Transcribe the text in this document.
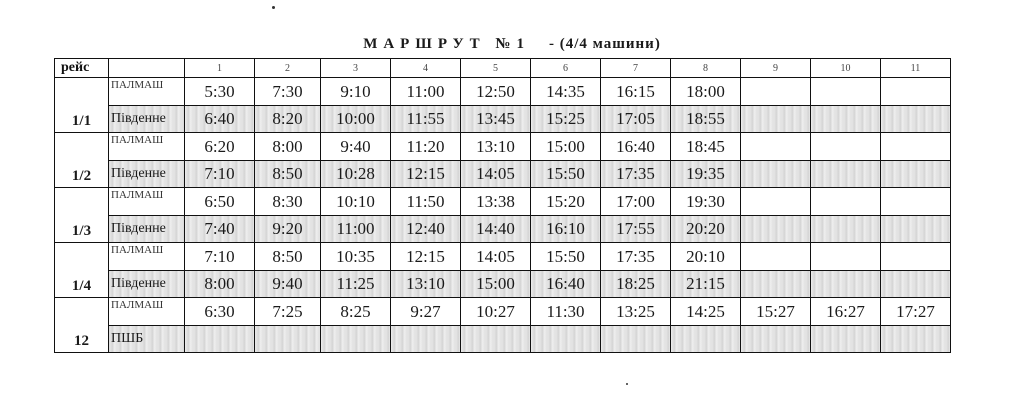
МАРШРУТ №1 - (4/4 машини)
рейс		1	2	3	4	5	6	7	8	9	10	11
1/1	ПАЛМАШ	5:30	7:30	9:10	11:00	12:50	14:35	16:15	18:00			
	Південне	6:40	8:20	10:00	11:55	13:45	15:25	17:05	18:55			
1/2	ПАЛМАШ	6:20	8:00	9:40	11:20	13:10	15:00	16:40	18:45			
	Південне	7:10	8:50	10:28	12:15	14:05	15:50	17:35	19:35			
1/3	ПАЛМАШ	6:50	8:30	10:10	11:50	13:38	15:20	17:00	19:30			
	Південне	7:40	9:20	11:00	12:40	14:40	16:10	17:55	20:20			
1/4	ПАЛМАШ	7:10	8:50	10:35	12:15	14:05	15:50	17:35	20:10			
	Південне	8:00	9:40	11:25	13:10	15:00	16:40	18:25	21:15			
12	ПАЛМАШ	6:30	7:25	8:25	9:27	10:27	11:30	13:25	14:25	15:27	16:27	17:27
	ПШБ											
